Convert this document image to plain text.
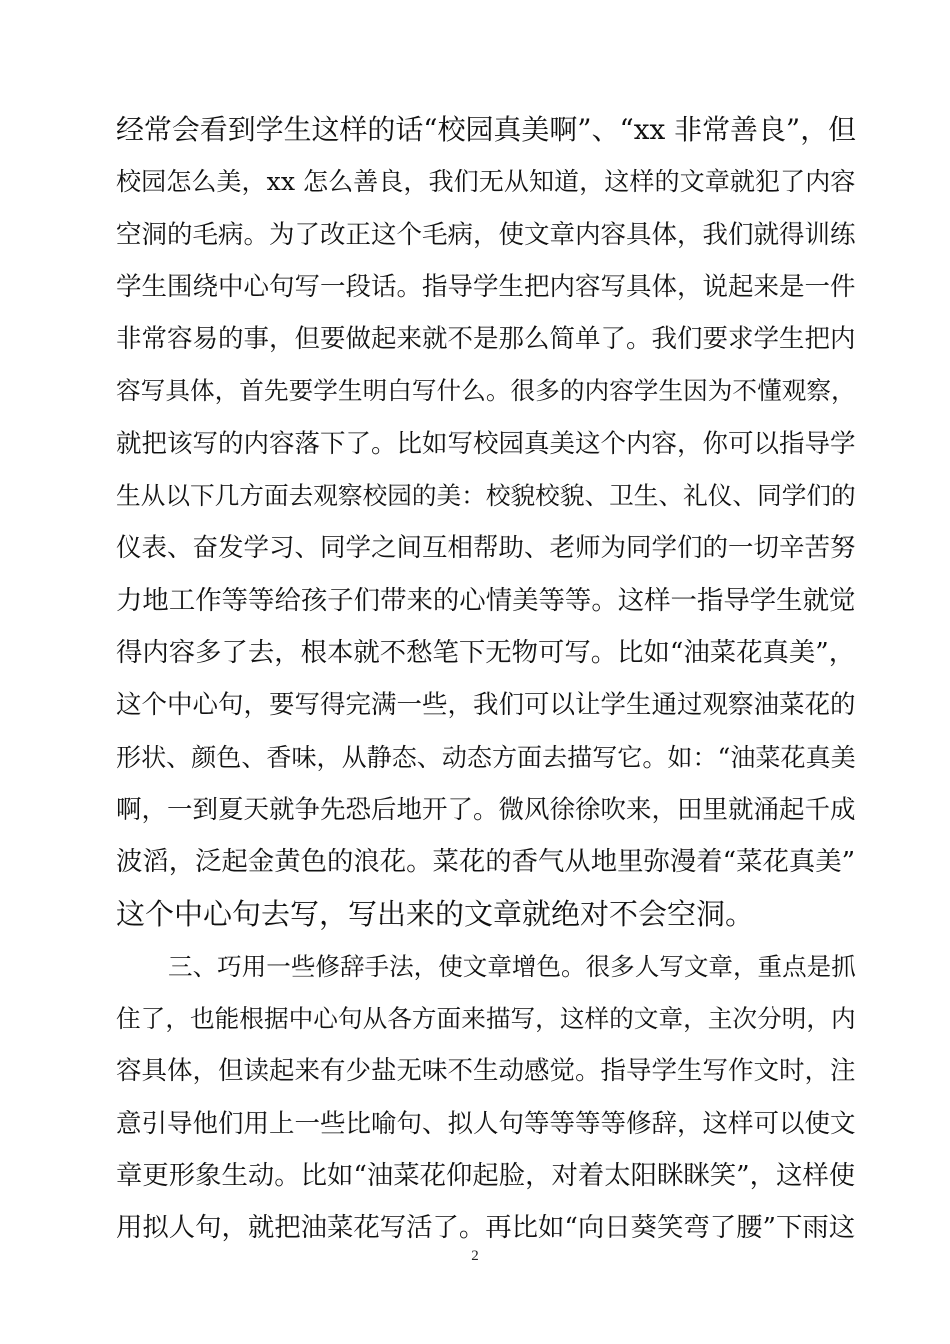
经常会看到学生这样的话“校园真美啊”、“xx 非常善良”，但
校园怎么美，xx 怎么善良，我们无从知道，这样的文章就犯了内容
空洞的毛病。为了改正这个毛病，使文章内容具体，我们就得训练
学生围绕中心句写一段话。指导学生把内容写具体，说起来是一件
非常容易的事，但要做起来就不是那么简单了。我们要求学生把内
容写具体，首先要学生明白写什么。很多的内容学生因为不懂观察，
就把该写的内容落下了。比如写校园真美这个内容，你可以指导学
生从以下几方面去观察校园的美：校貌校貌、卫生、礼仪、同学们的
仪表、奋发学习、同学之间互相帮助、老师为同学们的一切辛苦努
力地工作等等给孩子们带来的心情美等等。这样一指导学生就觉
得内容多了去，根本就不愁笔下无物可写。比如“油菜花真美”，
这个中心句，要写得完满一些，我们可以让学生通过观察油菜花的
形状、颜色、香味，从静态、动态方面去描写它。如：“油菜花真美
啊，一到夏天就争先恐后地开了。微风徐徐吹来，田里就涌起千成
波滔，泛起金黄色的浪花。菜花的香气从地里弥漫着“菜花真美”
这个中心句去写，写出来的文章就绝对不会空洞。
三、巧用一些修辞手法，使文章增色。很多人写文章，重点是抓
住了，也能根据中心句从各方面来描写，这样的文章，主次分明，内
容具体，但读起来有少盐无味不生动感觉。指导学生写作文时，注
意引导他们用上一些比喻句、拟人句等等等等修辞，这样可以使文
章更形象生动。比如“油菜花仰起脸，对着太阳眯眯笑”，这样使
用拟人句，就把油菜花写活了。再比如“向日葵笑弯了腰”下雨这
2
